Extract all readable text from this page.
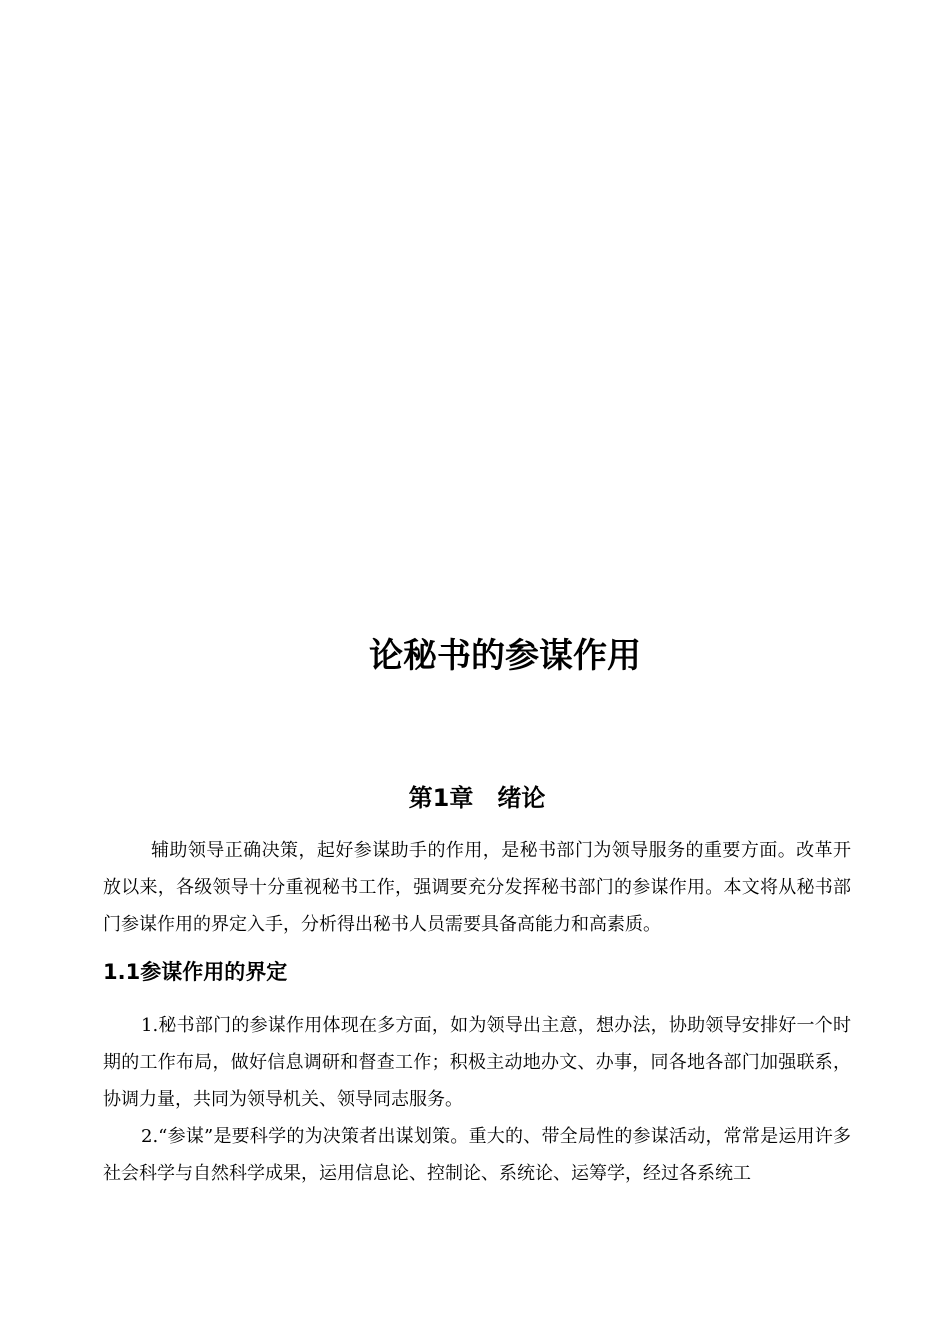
论秘书的参谋作用
第1章　绪论

辅助领导正确决策，起好参谋助手的作用，是秘书部门为领导服务的重要方面。改革开放以来，各级领导十分重视秘书工作，强调要充分发挥秘书部门的参谋作用。本文将从秘书部门参谋作用的界定入手，分析得出秘书人员需要具备高能力和高素质。

1.1参谋作用的界定

1.秘书部门的参谋作用体现在多方面，如为领导出主意，想办法，协助领导安排好一个时期的工作布局，做好信息调研和督查工作；积极主动地办文、办事，同各地各部门加强联系，协调力量，共同为领导机关、领导同志服务。

2.“参谋”是要科学的为决策者出谋划策。重大的、带全局性的参谋活动，常常是运用许多社会科学与自然科学成果，运用信息论、控制论、系统论、运筹学，经过各系统工
